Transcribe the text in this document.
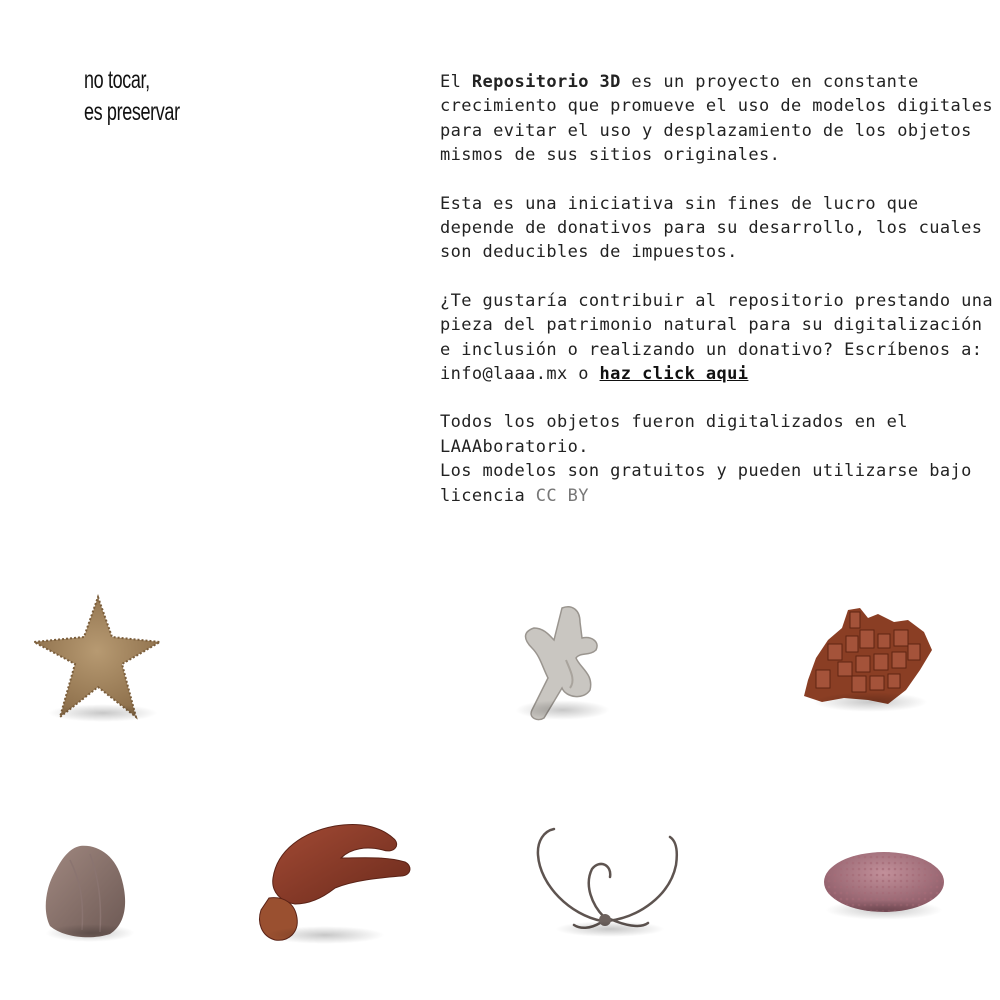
no tocar,
es preservar

El Repositorio 3D es un proyecto en constante crecimiento que promueve el uso de modelos digitales para evitar el uso y desplazamiento de los objetos mismos de sus sitios originales.

Esta es una iniciativa sin fines de lucro que depende de donativos para su desarrollo, los cuales son deducibles de impuestos.

¿Te gustaría contribuir al repositorio prestando una pieza del patrimonio natural para su digitalización e inclusión o realizando un donativo? Escríbenos a: info@laaa.mx o haz click aqui

Todos los objetos fueron digitalizados en el LAAAboratorio.

Los modelos son gratuitos y pueden utilizarse bajo licencia CC BY
